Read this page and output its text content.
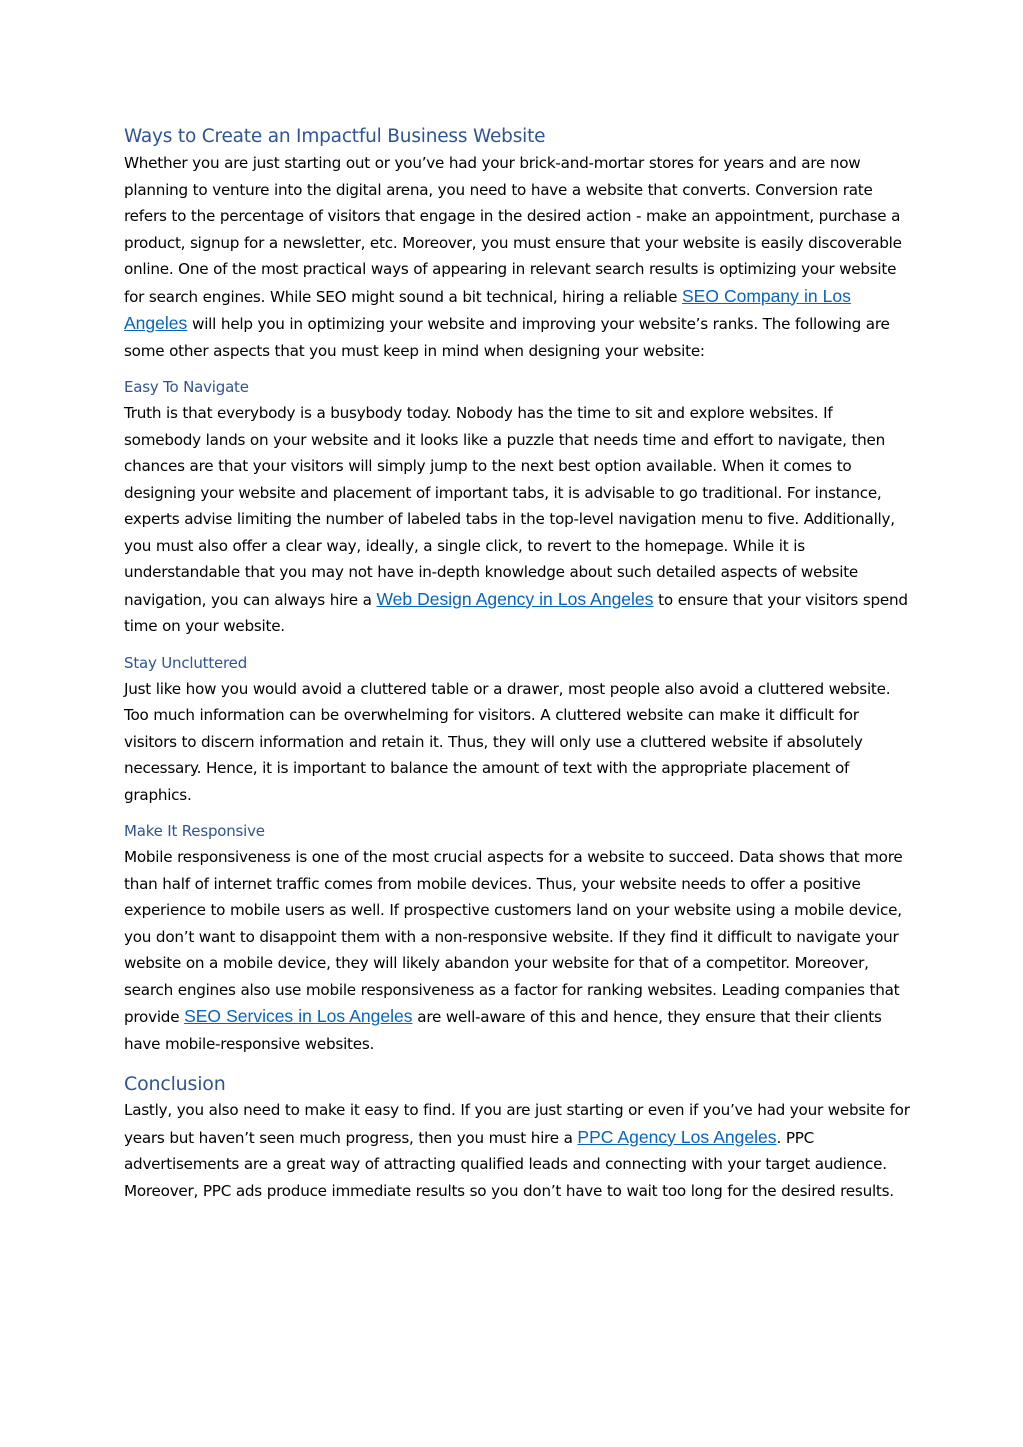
Ways to Create an Impactful Business Website

Whether you are just starting out or you’ve had your brick-and-mortar stores for years and are now planning to venture into the digital arena, you need to have a website that converts. Conversion rate refers to the percentage of visitors that engage in the desired action - make an appointment, purchase a product, signup for a newsletter, etc. Moreover, you must ensure that your website is easily discoverable online. One of the most practical ways of appearing in relevant search results is optimizing your website for search engines. While SEO might sound a bit technical, hiring a reliable SEO Company in Los Angeles will help you in optimizing your website and improving your website’s ranks. The following are some other aspects that you must keep in mind when designing your website:

Easy To Navigate

Truth is that everybody is a busybody today. Nobody has the time to sit and explore websites. If somebody lands on your website and it looks like a puzzle that needs time and effort to navigate, then chances are that your visitors will simply jump to the next best option available. When it comes to designing your website and placement of important tabs, it is advisable to go traditional. For instance, experts advise limiting the number of labeled tabs in the top-level navigation menu to five. Additionally, you must also offer a clear way, ideally, a single click, to revert to the homepage. While it is understandable that you may not have in-depth knowledge about such detailed aspects of website navigation, you can always hire a Web Design Agency in Los Angeles to ensure that your visitors spend time on your website.

Stay Uncluttered

Just like how you would avoid a cluttered table or a drawer, most people also avoid a cluttered website. Too much information can be overwhelming for visitors. A cluttered website can make it difficult for visitors to discern information and retain it. Thus, they will only use a cluttered website if absolutely necessary. Hence, it is important to balance the amount of text with the appropriate placement of graphics.

Make It Responsive

Mobile responsiveness is one of the most crucial aspects for a website to succeed. Data shows that more than half of internet traffic comes from mobile devices. Thus, your website needs to offer a positive experience to mobile users as well. If prospective customers land on your website using a mobile device, you don’t want to disappoint them with a non-responsive website. If they find it difficult to navigate your website on a mobile device, they will likely abandon your website for that of a competitor. Moreover, search engines also use mobile responsiveness as a factor for ranking websites. Leading companies that provide SEO Services in Los Angeles are well-aware of this and hence, they ensure that their clients have mobile-responsive websites.

Conclusion

Lastly, you also need to make it easy to find. If you are just starting or even if you’ve had your website for years but haven’t seen much progress, then you must hire a PPC Agency Los Angeles. PPC advertisements are a great way of attracting qualified leads and connecting with your target audience. Moreover, PPC ads produce immediate results so you don’t have to wait too long for the desired results.
